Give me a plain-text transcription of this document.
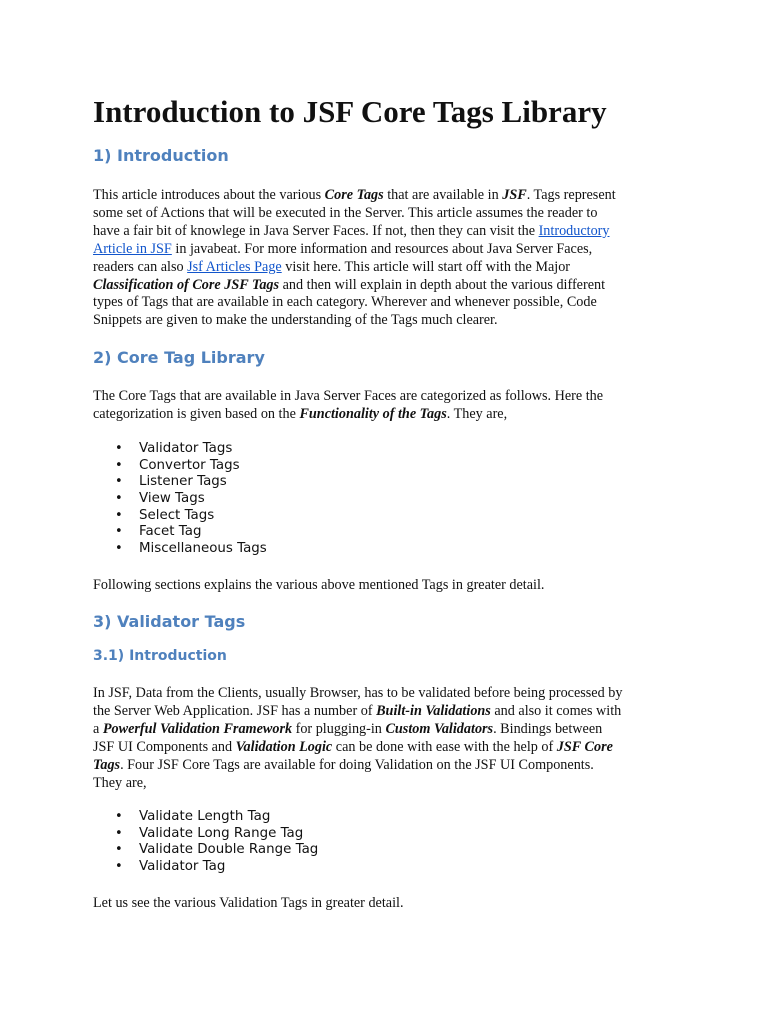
Introduction to JSF Core Tags Library
1) Introduction

This article introduces about the various Core Tags that are available in JSF. Tags represent
some set of Actions that will be executed in the Server. This article assumes the reader to
have a fair bit of knowlege in Java Server Faces. If not, then they can visit the Introductory
Article in JSF in javabeat. For more information and resources about Java Server Faces,
readers can also Jsf Articles Page visit here. This article will start off with the Major
Classification of Core JSF Tags and then will explain in depth about the various different
types of Tags that are available in each category. Wherever and whenever possible, Code
Snippets are given to make the understanding of the Tags much clearer.

2) Core Tag Library

The Core Tags that are available in Java Server Faces are categorized as follows. Here the
categorization is given based on the Functionality of the Tags. They are,

• Validator Tags
• Convertor Tags
• Listener Tags
• View Tags
• Select Tags
• Facet Tag
• Miscellaneous Tags

Following sections explains the various above mentioned Tags in greater detail.

3) Validator Tags
3.1) Introduction

In JSF, Data from the Clients, usually Browser, has to be validated before being processed by
the Server Web Application. JSF has a number of Built-in Validations and also it comes with
a Powerful Validation Framework for plugging-in Custom Validators. Bindings between
JSF UI Components and Validation Logic can be done with ease with the help of JSF Core
Tags. Four JSF Core Tags are available for doing Validation on the JSF UI Components.
They are,

• Validate Length Tag
• Validate Long Range Tag
• Validate Double Range Tag
• Validator Tag

Let us see the various Validation Tags in greater detail.
